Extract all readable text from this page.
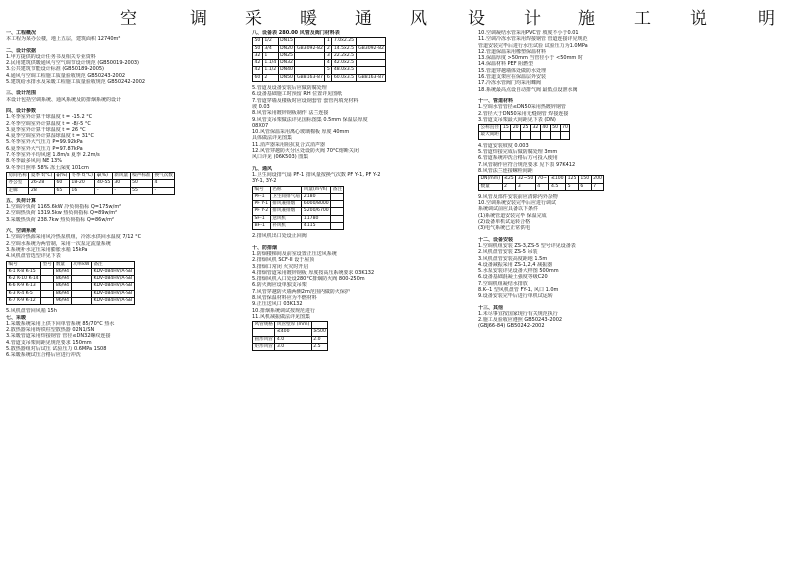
空	调 采 暖 通 风 设 计 施 工 说	明
一、工程概况
本工程为某办公楼，地上五层，建筑面积 12740m²
二、设计依据
1.甲方提供的设计任务书及相关专业资料
2.民用建筑供暖通风与空气调节设计规范 (GB50019-2003)
3.公共建筑节能设计标准 (GB50189-2005)
4.通风与空调工程施工质量验收规范 GB50243-2002
5.建筑给水排水及采暖工程施工质量验收规范 GB50242-2002
三、设计范围
本设计包括空调系统、通风系统及防排烟系统的设计
四、设计参数
1.冬季室外计算干球温度 t = -15.2 °C
2.冬季空调室外计算温度 t = -8/-5 °C
3.夏季室外计算干球温度 t = 26 °C
4.夏季空调室外计算湿球温度 t = 31°C
5.冬季室外大气压力 P=99.92kPa
6.夏季室外大气压力 P=97.87kPa
7.冬季室外平均风速 1.8m/s 夏季 2.2m/s
8.冬季最多风向 NE 13%
9.冬季日照率 58% 冻土深度 101cm
房间名称	夏季 t(°C)	φ(%)	冬季 t(°C)	φ(%)	新风量	噪声标准	换气次数
办公室	26-28	60	18-20	40-55	30	50	4
走廊	28	65	16	-	-	55	-
五、负荷计算
1.空调冷负荷 1165.6kW 冷负荷指标 Q=175w/m²
2.空调热负荷 1319.5kw 热负荷指标 Q=89w/m²
3.采暖热负荷 238.7kw 热负荷指标 Q=86w/m²
六、空调系统
1.空调冷热源采用风冷热泵机组，冷冻水供回水温度 7/12 °C
2.空调水系统为两管制，采用一次泵定流量系统
3.系统补水定压采用膨胀水箱 15kPa
4.风机盘管选型详见下表
编号	型号	数量	功率kW	备注
K-1 K-8 K-15		86/94		KDV-084HV/A-SB
K-2 K-10 K-14		86/94		KDV-084HV/A-SB
K-6 K-9 K-13		86/94		KDV-084HV/A-SB
K-3 K-4 K-5		86/94		KDV-084HV/A-SB
K-7 K-9 K-12		96/94		KDV-084HV/A-SB
5.风机盘管回风箱 15h
七、采暖
1.采暖系统采用上供下回单管系统 85/70°C 热水
2.散热器采用铸铁柱型散热器 02N1/SN
3.采暖管道采用焊接钢管 管径≤DN32螺纹连接
4.管道支吊架间距见规范要求 150mm
5.散热器组对后试压 试验压力 0.6MPa 1S08
6.采暖系统试压合格后应进行冲洗
八、设备表 280.00 风管及阀门材料表
50	1/2	DN15		1	7.0x2.25	
50	3/4	DN20	GB3092-82	2	14.5x2.5	GB3092-82
32	1	DN25		3	22.2x2.5	
42	1.1/4	DN32		4	42.0x2.5	
42	1.1/2	DN40		5	48.0x3.5	
60	2	DN50	GB8163-87	6	60.0x3.5	GB8163-87
5.管道及设备安装后应做防腐处理
6.设备基础施工时预留 RH 位置详见图纸
7.管道穿墙及楼板时应设钢套管 套管内填充材料
坡 0.03
8.风管采用镀锌钢板制作 法兰连接
9.风管支吊架做法详见国标图集 0.5mm 保温层厚度
08X07
10.风管保温采用离心玻璃棉板 厚度 40mm
具体做法详见图集
11.消声器采用阻抗复合式消声器
12.风管穿越防火分区处设防火阀 70°C熔断关闭
风口详见 (06K503) 图集
九、通风
1.卫生间设排气扇 PF-1 排风量按换气次数 PF Y-1, PF Y-2
3Y-1, 3Y-2
编号	名称	风量(m³/h)	备注
PF-1	卫生间排气扇	2180	
PF Y-1	排风兼排烟	6000/8000	
PF Y-2	排风兼排烟	5200/6700	
SF-1	送风机	11780	
BF-1	补风机	4115	
2.排风机出口处设止回阀
十、防排烟
1.防烟楼梯间及前室设置正压送风系统
2.排烟风机 SCF-II 设于屋顶
3.排烟口常闭 火灾时开启
4.排烟管道采用镀锌钢板 厚度按高压系统要求 03K132
5.排烟风机入口处设280°C排烟防火阀 800-250m
6.防火阀应设单独支吊架
7.风管穿越防火墙两侧2m范围内做防火保护
8.风管保温材料应为不燃材料
9.正压送风口 03K132
10.排烟系统调试按规范进行
11.风机减振做法详见图集
风管规格	风管壁厚 (mm)	
	≤400	≥500
圆形风管	4.0	2.0
矩形风管	3.0	2.5
10.空调凝结水管采用PVC管 坡度不小于0.01
11.空调冷冻水管采用焊接钢管 管道连接详见规范
管道安装完毕后进行水压试验 试验压力为1.0MPa
12.管道保温采用橡塑保温材料
13.保温厚度 >50mm 当管径小于 <50mm 时
14.保温材料 PEF 阻燃型
15.管道穿越墙体处做防水处理
16.管道支架应在保温层外安装
17.冷冻水管阀门均采用蝶阀
18.系统最高点设自动排气阀 最低点设泄水阀
十一、管道材料
1.空调水管管径≤DN50采用热镀锌钢管
2.管径大于DN50采用无缝钢管 焊接连接
3.管道支吊架最大间距见下表 (DN)
公称直径	15	20	25	32	40	50	70
最大间距							
4.管道安装坡度 0.003
5.管道焊接完成后做防腐处理 3mm
6.管道系统冲洗合格后方可投入使用
7.风管制作应符合规范要求 见下表 97K412
8.风管法兰连接螺栓间距
DN(mm)	≤25	32~50	70~	≤100	125	150	200
数量	2	3	4	4.5	5	6	7
9.风管及部件安装前应清除内外杂物
10.空调系统安装完毕后应进行调试
系统调试前应具备以下条件
(1)系统管道安装完毕 保温完成
(2)设备单机试运转合格
(3)电气系统已正常供电
十二、设备安装
1.空调机组安装 ZS-3,ZS-5 型号详见设备表
2.风机盘管安装 ZS-5 吊装
3.风机盘管安装高度距地 1.5m
4.设备减振采用 ZS-1,2,4 减振器
5.水泵安装详见设备大样图 500mm
6.设备基础混凝土强度等级C20
7.空调机组凝结水排放
8.K--1 型风机盘管 FY-1, 风口 1.0m
9.设备安装完毕后进行单机试运转
十三、其他
1.未尽事宜按国家现行有关规范执行
2.施工及验收应遵照 GB50243-2002
(GBJ66-84) GB50242-2002
